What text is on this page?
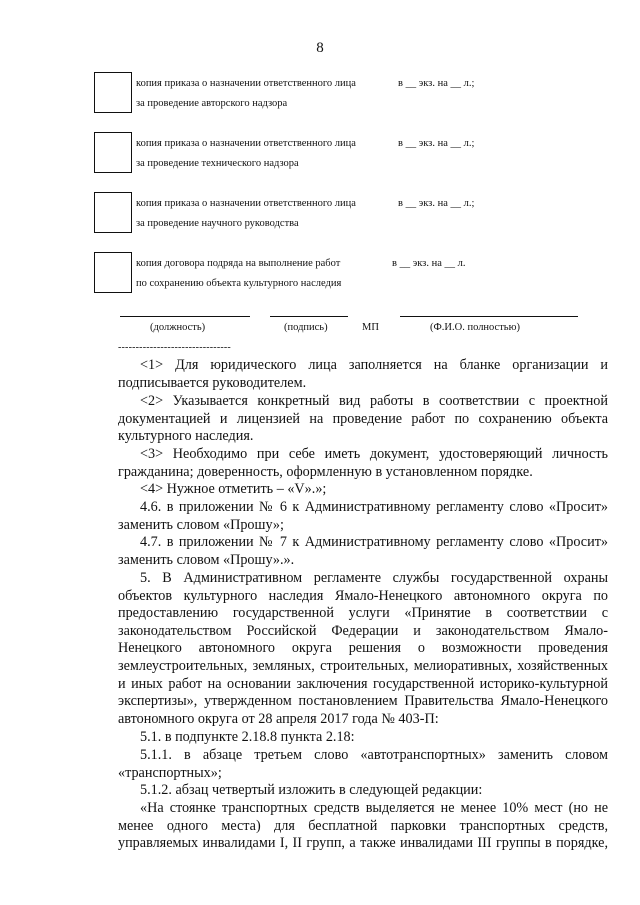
8
копия приказа о назначении ответственного лица	в __ экз. на __ л.;
за проведение авторского надзора
копия приказа о назначении ответственного лица	в __ экз. на __ л.;
за проведение технического надзора
копия приказа о назначении ответственного лица	в __ экз. на __ л.;
за проведение научного руководства
копия договора подряда на выполнение работ	в __ экз. на __ л.
по сохранению объекта культурного наследия
(должность)	(подпись)	МП	(Ф.И.О. полностью)
--------------------------------
<1> Для юридического лица заполняется на бланке организации и
подписывается руководителем.
<2> Указывается конкретный вид работы в соответствии с проектной
документацией и лицензией на проведение работ по сохранению объекта
культурного наследия.
<3> Необходимо при себе иметь документ, удостоверяющий личность
гражданина; доверенность, оформленную в установленном порядке.
<4> Нужное отметить – «V».»;
4.6. в приложении № 6 к Административному регламенту слово «Просит»
заменить словом «Прошу»;
4.7. в приложении № 7 к Административному регламенту слово «Просит»
заменить словом «Прошу».».
5. В Административном регламенте службы государственной охраны
объектов культурного наследия Ямало-Ненецкого автономного округа по
предоставлению государственной услуги «Принятие в соответствии с
законодательством Российской Федерации и законодательством Ямало-
Ненецкого автономного округа решения о возможности проведения
землеустроительных, земляных, строительных, мелиоративных, хозяйственных
и иных работ на основании заключения государственной историко-культурной
экспертизы», утвержденном постановлением Правительства Ямало-Ненецкого
автономного округа от 28 апреля 2017 года № 403-П:
5.1. в подпункте 2.18.8 пункта 2.18:
5.1.1. в абзаце третьем слово «автотранспортных» заменить словом
«транспортных»;
5.1.2. абзац четвертый изложить в следующей редакции:
«На стоянке транспортных средств выделяется не менее 10% мест (но не
менее одного места) для бесплатной парковки транспортных средств,
управляемых инвалидами I, II групп, а также инвалидами III группы в порядке,
